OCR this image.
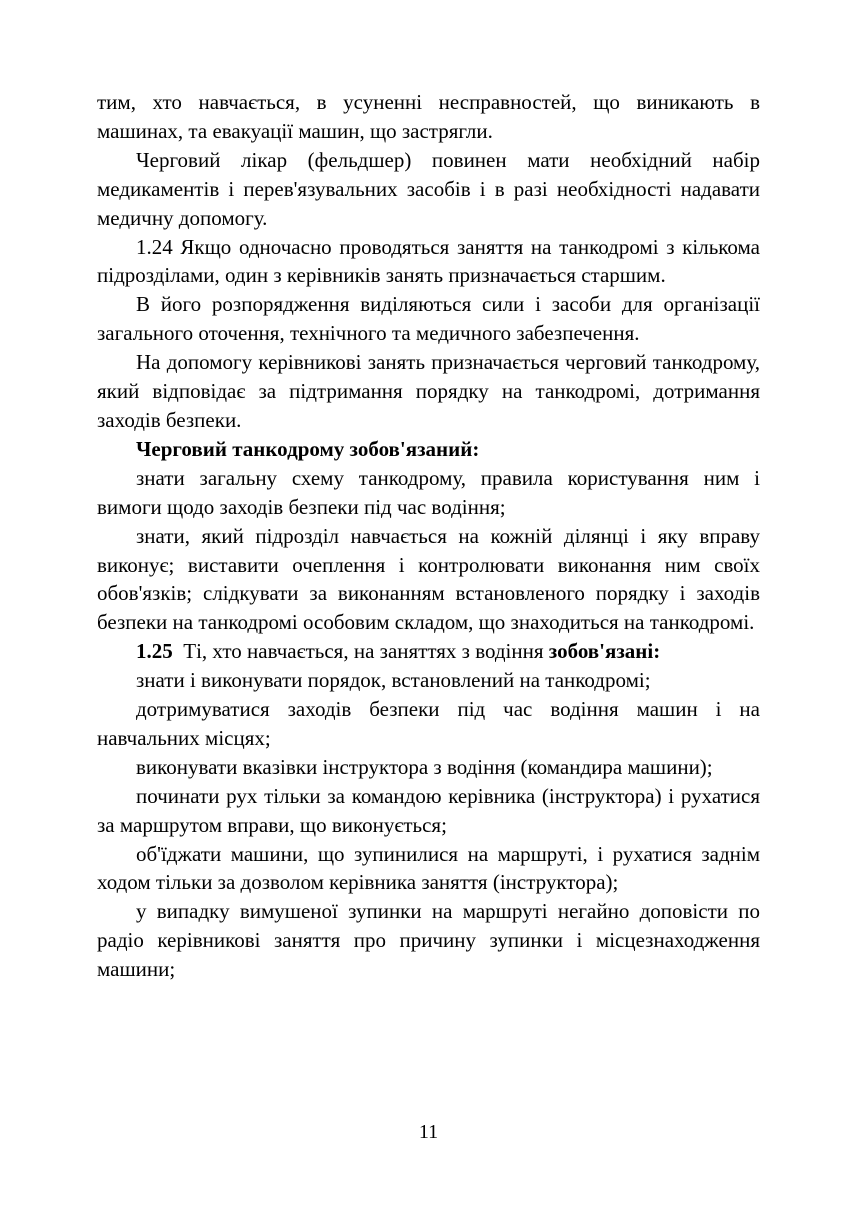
тим, хто навчається, в усуненні несправностей, що виникають в машинах, та евакуації машин, що застрягли.

Черговий лікар (фельдшер) повинен мати необхідний набір медикаментів і перев'язувальних засобів і в разі необхідності надавати медичну допомогу.

1.24 Якщо одночасно проводяться заняття на танкодромі з кількома підрозділами, один з керівників занять призначається старшим.

В його розпорядження виділяються сили і засоби для організації загального оточення, технічного та медичного забезпечення.

На допомогу керівникові занять призначається черговий танкодрому, який відповідає за підтримання порядку на танкодромі, дотримання заходів безпеки.

Черговий танкодрому зобов'язаний:

знати загальну схему танкодрому, правила користування ним і вимоги щодо заходів безпеки під час водіння;

знати, який підрозділ навчається на кожній ділянці і яку вправу виконує; виставити очеплення і контролювати виконання ним своїх обов'язків; слідкувати за виконанням встановленого порядку і заходів безпеки на танкодромі особовим складом, що знаходиться на танкодромі.

1.25 Ті, хто навчається, на заняттях з водіння зобов'язані:

знати і виконувати порядок, встановлений на танкодромі;

дотримуватися заходів безпеки під час водіння машин і на навчальних місцях;

виконувати вказівки інструктора з водіння (командира машини);

починати рух тільки за командою керівника (інструктора) і рухатися за маршрутом вправи, що виконується;

об'їджати машини, що зупинилися на маршруті, і рухатися заднім ходом тільки за дозволом керівника заняття (інструктора);

у випадку вимушеної зупинки на маршруті негайно доповісти по радіо керівникові заняття про причину зупинки і місцезнаходження машини;

11
